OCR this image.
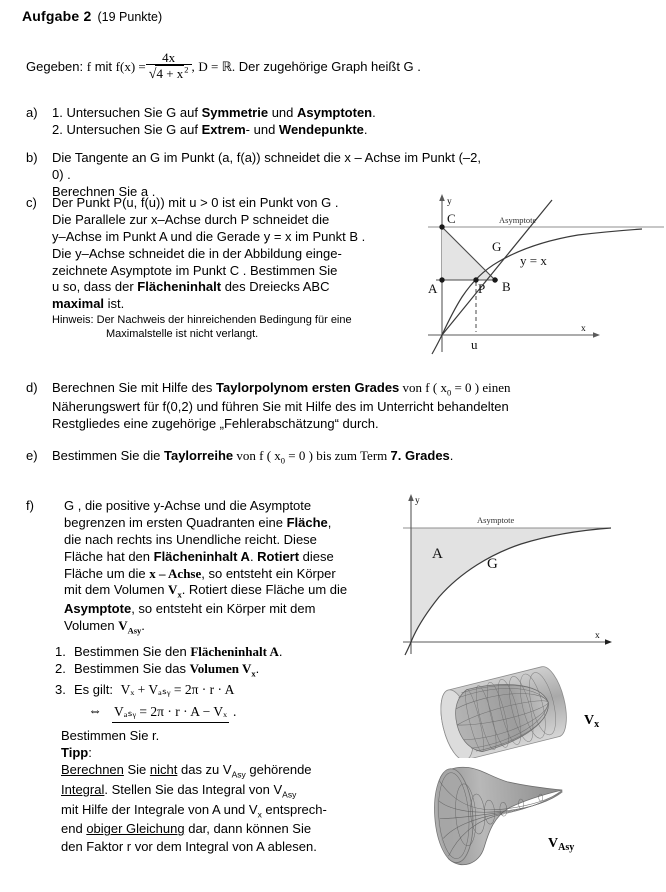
Aufgabe 2 (19 Punkte)
Gegeben: f mit $f(x) = \frac{4x}{√4 + x^2}$ , D = ℝ. Der zugehörige Graph heißt G .
a)	1. Untersuchen Sie G auf Symmetrie und Asymptoten.
2. Untersuchen Sie G auf Extrem- und Wendepunkte.
b)	Die Tangente an G im Punkt (a, f(a)) schneidet die x – Achse im Punkt (–2, 0) .
Berechnen Sie a .
c)	Der Punkt P(u, f(u)) mit u > 0 ist ein Punkt von G .
Die Parallele zur x–Achse durch P schneidet die
y–Achse im Punkt A und die Gerade y = x im Punkt B .
Die y–Achse schneidet die in der Abbildung einge-
zeichnete Asymptote im Punkt C . Bestimmen Sie
u so, dass der Flächeninhalt des Dreiecks ABC
maximal ist.
Hinweis: Der Nachweis der hinreichenden Bedingung für eine
Maximalstelle ist nicht verlangt.
C
A	P B
G
y = x
Asymptote
y
x
u
d)	Berechnen Sie mit Hilfe des Taylorpolynom ersten Grades von f ( $x_0 = 0$ ) einen
Näherungswert für f(0,2) und führen Sie mit Hilfe des im Unterricht behandelten
Restgliedes eine zugehörige „Fehlerabschätzung“ durch.
e)	Bestimmen Sie die Taylorreihe von f ( $x_0 = 0$ ) bis zum Term 7. Grades.
f)	G , die positive y-Achse und die Asymptote
begrenzen im ersten Quadranten eine Fläche,
die nach rechts ins Unendliche reicht. Diese
Fläche hat den Flächeninhalt A. Rotiert diese
Fläche um die x – Achse, so entsteht ein Körper
mit dem Volumen $V_x$. Rotiert diese Fläche um die
Asymptote, so entsteht ein Körper mit dem
Volumen $V_{Asy}$.
1. Bestimmen Sie den Flächeninhalt A.
2. Bestimmen Sie das Volumen $V_x$.
3. Es gilt: Vₓ + Vₐₛᵧ = 2π · r · A
⇔ Vₐₛᵧ = 2π · r · A − Vₓ .
Bestimmen Sie r.
Tipp:
Berechnen Sie nicht das zu $V_{Asy}$ gehörende
Integral. Stellen Sie das Integral von $V_{Asy}$
mit Hilfe der Integrale von A und $V_x$ entsprech-
end obiger Gleichung dar, dann können Sie
den Faktor r vor dem Integral von A ablesen.
Asymptote
A
G
y
x
$V_x$
$V_{Asy}$
